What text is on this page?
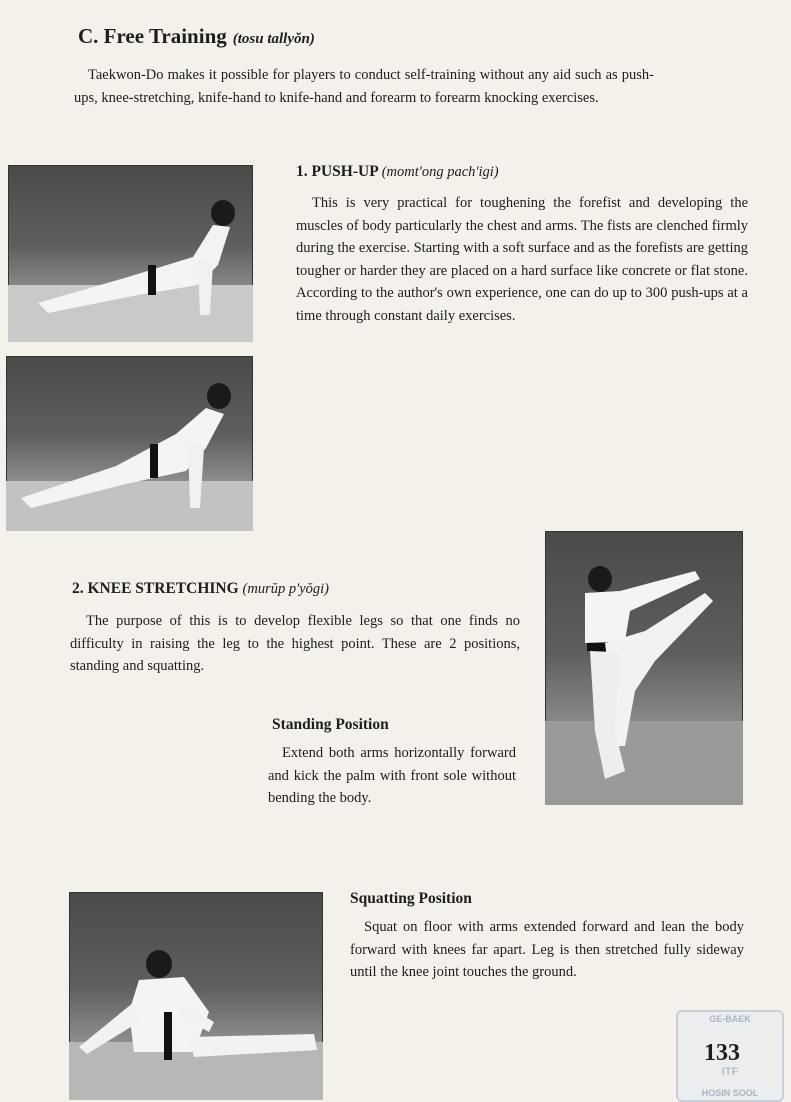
C. Free Training (tosu tallyŏn)
Taekwon-Do makes it possible for players to conduct self-training without any aid such as push-ups, knee-stretching, knife-hand to knife-hand and forearm to forearm knocking exercises.
1. PUSH-UP (momt'ong pach'igi)
This is very practical for toughening the forefist and developing the muscles of body particularly the chest and arms. The fists are clenched firmly during the exercise. Starting with a soft surface and as the forefists are getting tougher or harder they are placed on a hard surface like concrete or flat stone. According to the author's own experience, one can do up to 300 push-ups at a time through constant daily exercises.
2. KNEE STRETCHING (murŭp p'yŏgi)
The purpose of this is to develop flexible legs so that one finds no difficulty in raising the leg to the highest point. These are 2 positions, standing and squatting.
Standing Position
Extend both arms horizontally forward and kick the palm with front sole without bending the body.
Squatting Position
Squat on floor with arms extended forward and lean the body forward with knees far apart. Leg is then stretched fully sideway until the knee joint touches the ground.
GE-BAEK
ITF
HOSIN SOOL
133
